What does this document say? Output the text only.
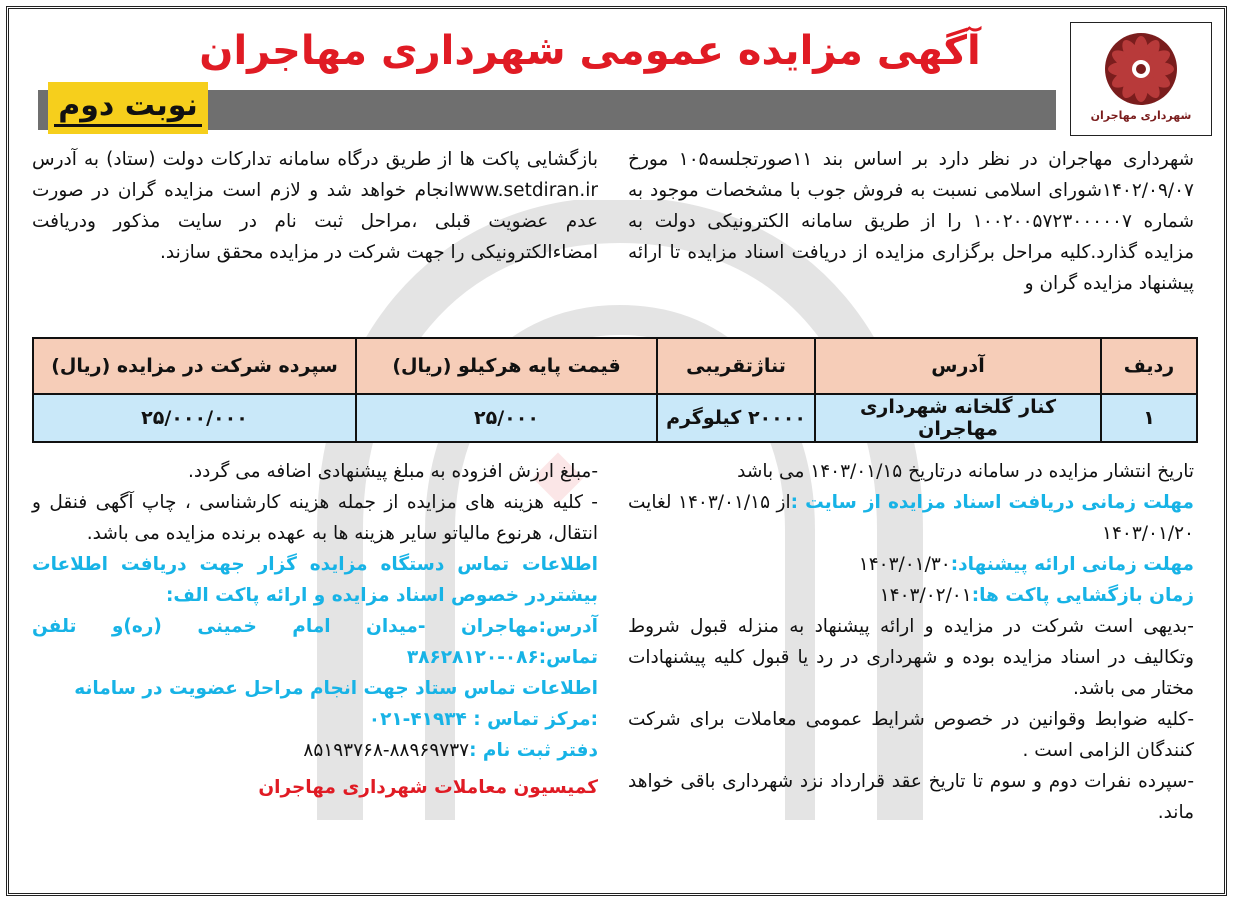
شهرداری مهاجران
آگهی مزایده عمومی شهرداری مهاجران
نوبت دوم
شهرداری مهاجران در نظر دارد بر اساس بند ۱۱صورتجلسه۱۰۵ مورخ ۱۴۰۲/۰۹/۰۷شورای اسلامی نسبت به فروش جوب با مشخصات موجود به شماره ۱۰۰۲۰۰۵۷۲۳۰۰۰۰۰۷ را از طریق سامانه الکترونیکی دولت به مزایده گذارد.کلیه مراحل برگزاری مزایده از دریافت اسناد مزایده تا ارائه پیشنهاد مزایده گران و
بازگشایی پاکت ها از طریق درگاه سامانه تدارکات دولت (ستاد) به آدرس www.setdiran.irانجام خواهد شد و لازم است مزایده گران در صورت عدم عضویت قبلی ،مراحل ثبت نام در سایت مذکور ودریافت امضاءالکترونیکی را جهت شرکت در مزایده محقق سازند.
ردیف	آدرس	تناژتقریبی	قیمت پایه هرکیلو (ریال)	سپرده شرکت در مزایده (ریال)
۱	کنار گلخانه شهرداری مهاجران	۲۰۰۰۰ کیلوگرم	۲۵/۰۰۰	۲۵/۰۰۰/۰۰۰
تاریخ انتشار مزایده در سامانه درتاریخ ۱۴۰۳/۰۱/۱۵ می باشد
مهلت زمانی دریافت اسناد مزایده از سایت :از ۱۴۰۳/۰۱/۱۵ لغایت ۱۴۰۳/۰۱/۲۰
مهلت زمانی ارائه پیشنهاد:۱۴۰۳/۰۱/۳۰
زمان بازگشایی پاکت ها:۱۴۰۳/۰۲/۰۱
-بدیهی است شرکت در مزایده و ارائه پیشنهاد به منزله قبول شروط وتکالیف در اسناد مزایده بوده و شهرداری در رد یا قبول کلیه پیشنهادات مختار می باشد.
-کلیه ضوابط وقوانین در خصوص شرایط عمومی معاملات برای شرکت کنندگان الزامی است .
-سپرده نفرات دوم و سوم تا تاریخ عقد قرارداد نزد شهرداری باقی خواهد ماند.
-مبلغ ارزش افزوده به مبلغ پیشنهادی اضافه می گردد.
- کلیه هزینه های مزایده از جمله هزینه کارشناسی ، چاپ آگهی فنقل و انتقال، هرنوع مالیاتو سایر هزینه ها به عهده برنده مزایده می باشد.
اطلاعات تماس دستگاه مزایده گزار جهت دریافت اطلاعات بیشتردر خصوص اسناد مزایده و ارائه پاکت الف:
آدرس:مهاجران -میدان امام خمینی (ره)و تلفن تماس:۰۸۶-۳۸۶۲۸۱۲۰
اطلاعات تماس ستاد جهت انجام مراحل عضویت در سامانه
:مرکز تماس : ۴۱۹۳۴-۰۲۱
دفتر ثبت نام :۸۸۹۶۹۷۳۷-۸۵۱۹۳۷۶۸
کمیسیون معاملات شهرداری مهاجران
